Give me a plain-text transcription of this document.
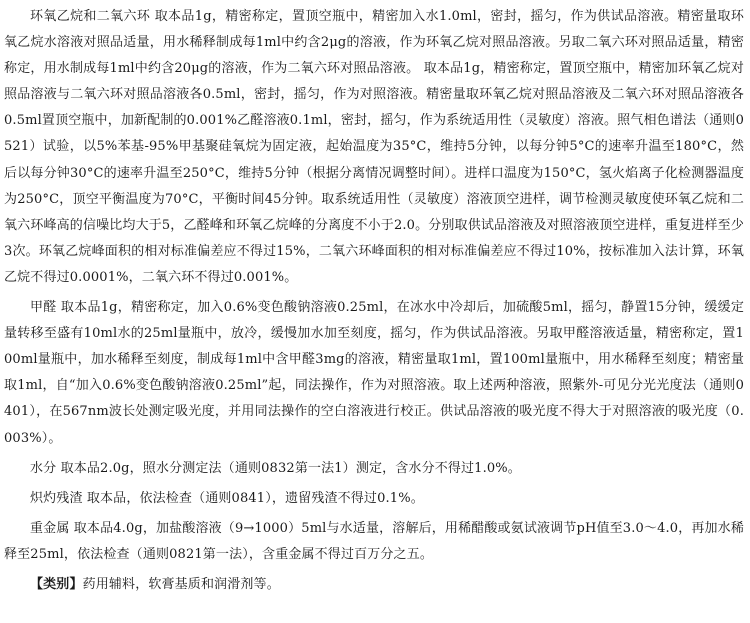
环氧乙烷和二氧六环 取本品1g，精密称定，置顶空瓶中，精密加入水1.0ml，密封，摇匀，作为供试品溶液。精密量取环氧乙烷水溶液对照品适量，用水稀释制成每1ml中约含2μg的溶液，作为环氧乙烷对照品溶液。另取二氧六环对照品适量，精密称定，用水制成每1ml中约含20μg的溶液，作为二氧六环对照品溶液。 取本品1g，精密称定，置顶空瓶中，精密加环氧乙烷对照品溶液与二氧六环对照品溶液各0.5ml，密封，摇匀，作为对照溶液。精密量取环氧乙烷对照品溶液及二氧六环对照品溶液各0.5ml置顶空瓶中，加新配制的0.001%乙醛溶液0.1ml，密封，摇匀，作为系统适用性（灵敏度）溶液。照气相色谱法（通则0521）试验，以5%苯基-95%甲基聚硅氧烷为固定液，起始温度为35°C，维持5分钟，以每分钟5°C的速率升温至180°C，然后以每分钟30°C的速率升温至250°C，维持5分钟（根据分离情况调整时间）。进样口温度为150°C，氢火焰离子化检测器温度为250°C，顶空平衡温度为70°C，平衡时间45分钟。取系统适用性（灵敏度）溶液顶空进样，调节检测灵敏度使环氧乙烷和二氧六环峰高的信噪比均大于5，乙醛峰和环氧乙烷峰的分离度不小于2.0。分别取供试品溶液及对照溶液顶空进样，重复进样至少3次。环氧乙烷峰面积的相对标准偏差应不得过15%，二氧六环峰面积的相对标准偏差应不得过10%，按标准加入法计算，环氧乙烷不得过0.0001%，二氧六环不得过0.001%。

甲醛 取本品1g，精密称定，加入0.6%变色酸钠溶液0.25ml，在冰水中冷却后，加硫酸5ml，摇匀，静置15分钟，缓缓定量转移至盛有10ml水的25ml量瓶中，放冷，缓慢加水加至刻度，摇匀，作为供试品溶液。另取甲醛溶液适量，精密称定，置100ml量瓶中，加水稀释至刻度，制成每1ml中含甲醛3mg的溶液，精密量取1ml，置100ml量瓶中，用水稀释至刻度；精密量取1ml，自“加入0.6%变色酸钠溶液0.25ml”起，同法操作，作为对照溶液。取上述两种溶液，照紫外-可见分光光度法（通则0401），在567nm波长处测定吸光度，并用同法操作的空白溶液进行校正。供试品溶液的吸光度不得大于对照溶液的吸光度（0.003%）。

水分 取本品2.0g，照水分测定法（通则0832第一法1）测定，含水分不得过1.0%。

炽灼残渣 取本品，依法检查（通则0841），遗留残渣不得过0.1%。

重金属 取本品4.0g，加盐酸溶液（9→1000）5ml与水适量，溶解后，用稀醋酸或氨试液调节pH值至3.0～4.0，再加水稀释至25ml，依法检查（通则0821第一法），含重金属不得过百万分之五。

【类别】药用辅料，软膏基质和润滑剂等。
